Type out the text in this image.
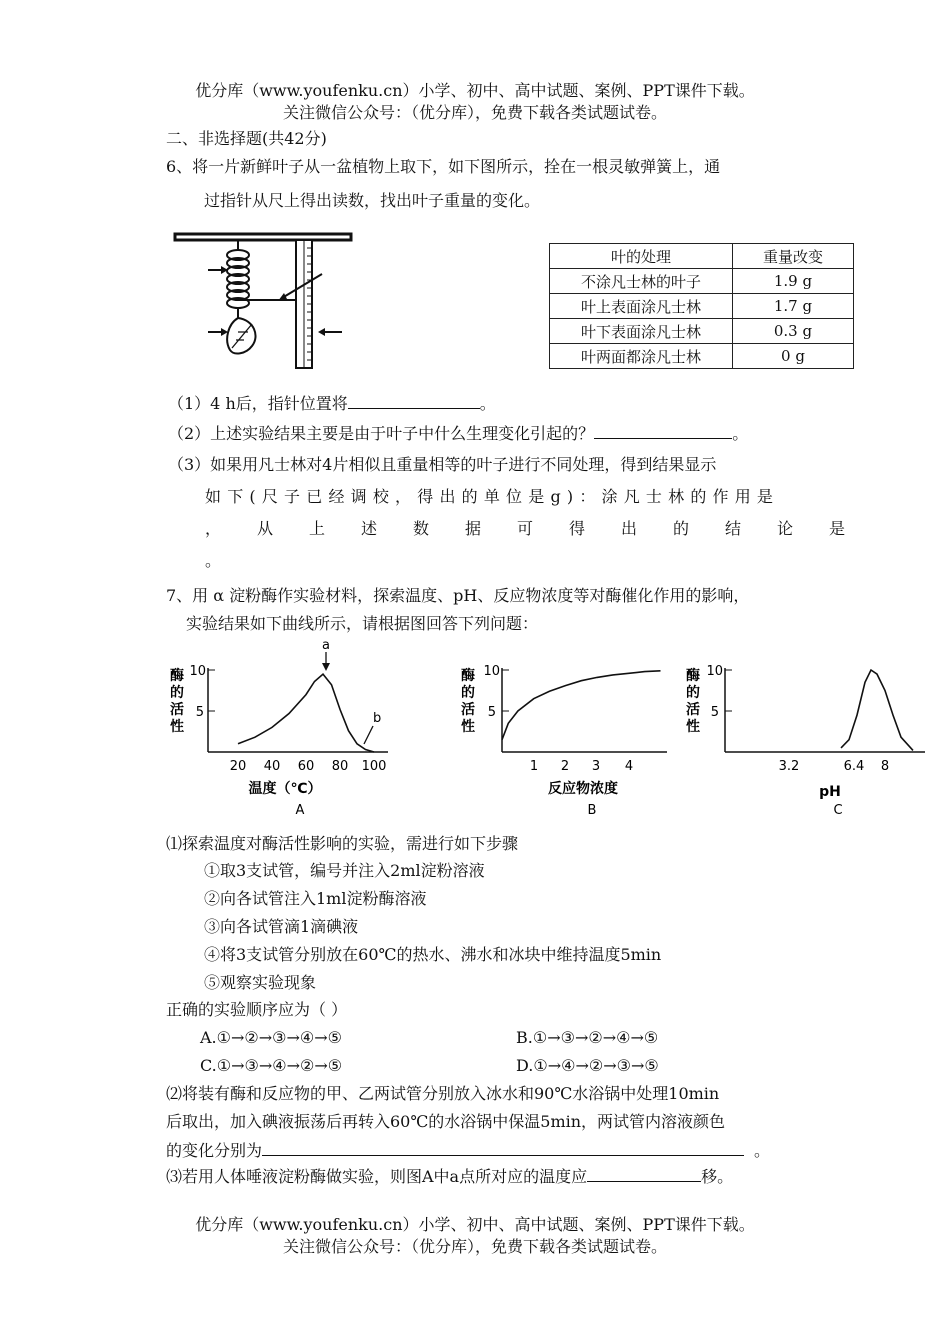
优分库（www.youfenku.cn）小学、初中、高中试题、案例、PPT课件下载。
关注微信公众号：（优分库），免费下载各类试题试卷。
二、非选择题(共42分)
6、将一片新鲜叶子从一盆植物上取下，如下图所示，拴在一根灵敏弹簧上，通
过指针从尺上得出读数，找出叶子重量的变化。
叶的处理	重量改变
不涂凡士林的叶子	1.9 g
叶上表面涂凡士林	1.7 g
叶下表面涂凡士林	0.3 g
叶两面都涂凡士林	0 g
（1）4 h后，指针位置将	。
（2）上述实验结果主要是由于叶子中什么生理变化引起的？	。
（3）如果用凡士林对4片相似且重量相等的叶子进行不同处理，得到结果显示
如下(尺子已经调校，得出的单位是g)：涂凡士林的作用是
，从上述数据可得出的结论是
。
7、用 α 淀粉酶作实验材料，探索温度、pH、反应物浓度等对酶催化作用的影响，
实验结果如下曲线所示，请根据图回答下列问题：
酶
的
活
性
10
5
20 40 60 80 100
a
b
温度（℃）
A
酶
的
活
性
10
5
1 2 3 4
反应物浓度
B
酶
的
活
性
10
5
3.2	6.4 8
pH
C
⑴探索温度对酶活性影响的实验，需进行如下步骤
①取3支试管，编号并注入2ml淀粉溶液
②向各试管注入1ml淀粉酶溶液
③向各试管滴1滴碘液
④将3支试管分别放在60℃的热水、沸水和冰块中维持温度5min
⑤观察实验现象
正确的实验顺序应为（ ）
A.①→②→③→④→⑤	B.①→③→②→④→⑤
C.①→③→④→②→⑤	D.①→④→②→③→⑤
⑵将装有酶和反应物的甲、乙两试管分别放入冰水和90℃水浴锅中处理10min
后取出，加入碘液振荡后再转入60℃的水浴锅中保温5min，两试管内溶液颜色
的变化分别为	。
⑶若用人体唾液淀粉酶做实验，则图A中a点所对应的温度应	移。
优分库（www.youfenku.cn）小学、初中、高中试题、案例、PPT课件下载。
关注微信公众号：（优分库），免费下载各类试题试卷。
